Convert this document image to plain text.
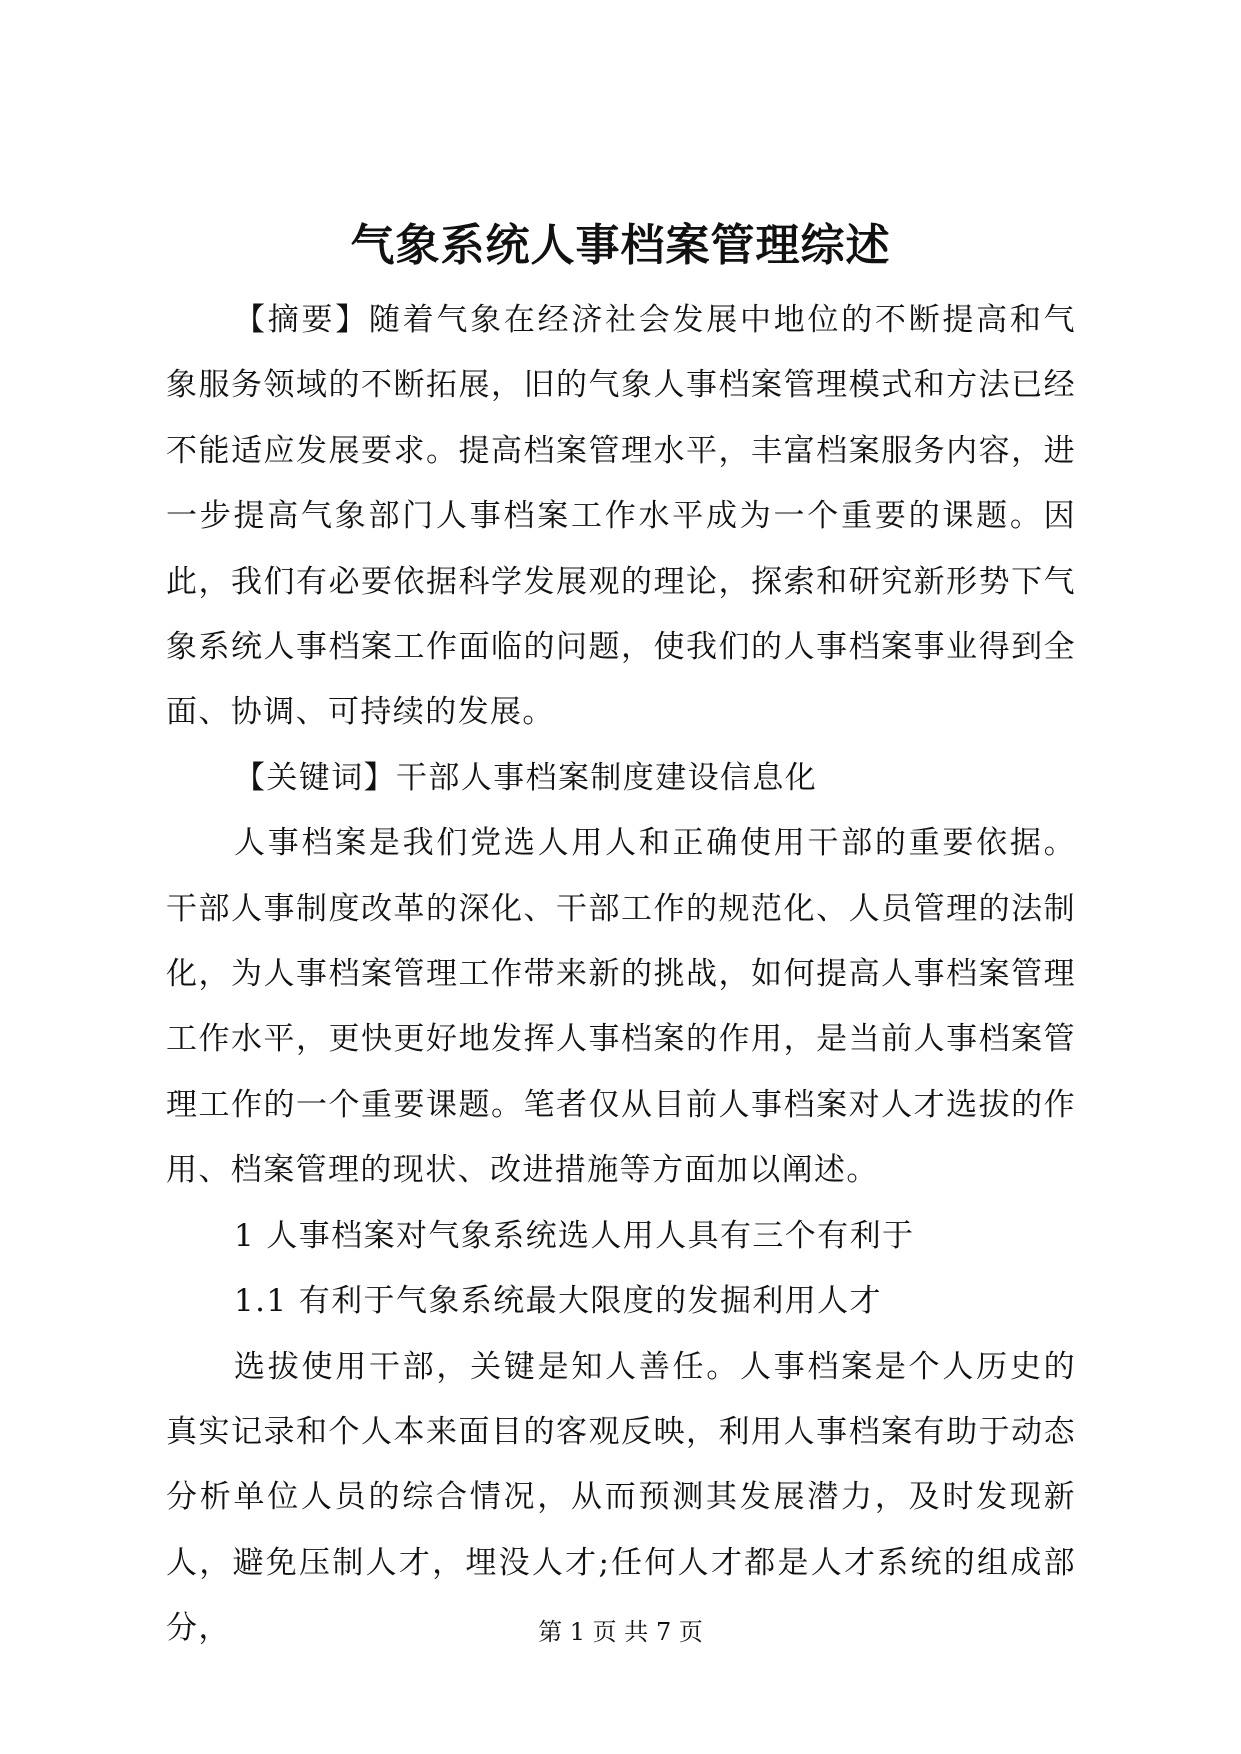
气象系统人事档案管理综述

【摘要】随着气象在经济社会发展中地位的不断提高和气象服务领域的不断拓展，旧的气象人事档案管理模式和方法已经不能适应发展要求。提高档案管理水平，丰富档案服务内容，进一步提高气象部门人事档案工作水平成为一个重要的课题。因此，我们有必要依据科学发展观的理论，探索和研究新形势下气象系统人事档案工作面临的问题，使我们的人事档案事业得到全面、协调、可持续的发展。

【关键词】干部人事档案制度建设信息化

人事档案是我们党选人用人和正确使用干部的重要依据。干部人事制度改革的深化、干部工作的规范化、人员管理的法制化，为人事档案管理工作带来新的挑战，如何提高人事档案管理工作水平，更快更好地发挥人事档案的作用，是当前人事档案管理工作的一个重要课题。笔者仅从目前人事档案对人才选拔的作用、档案管理的现状、改进措施等方面加以阐述。

1 人事档案对气象系统选人用人具有三个有利于

1.1 有利于气象系统最大限度的发掘利用人才

选拔使用干部，关键是知人善任。人事档案是个人历史的真实记录和个人本来面目的客观反映，利用人事档案有助于动态分析单位人员的综合情况，从而预测其发展潜力，及时发现新人，避免压制人才，埋没人才;任何人才都是人才系统的组成部分，	第 1 页 共 7 页
